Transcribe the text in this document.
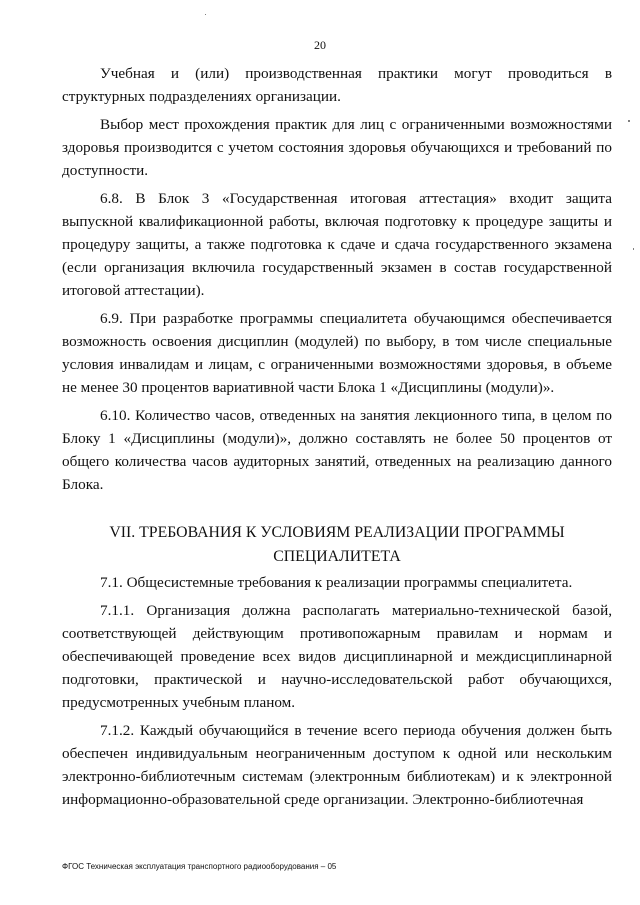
20

Учебная и (или) производственная практики могут проводиться в структурных подразделениях организации.

Выбор мест прохождения практик для лиц с ограниченными возможностями здоровья производится с учетом состояния здоровья обучающихся и требований по доступности.

6.8. В Блок 3 «Государственная итоговая аттестация» входит защита выпускной квалификационной работы, включая подготовку к процедуре защиты и процедуру защиты, а также подготовка к сдаче и сдача государственного экзамена (если организация включила государственный экзамен в состав государственной итоговой аттестации).

6.9. При разработке программы специалитета обучающимся обеспечивается возможность освоения дисциплин (модулей) по выбору, в том числе специальные условия инвалидам и лицам, с ограниченными возможностями здоровья, в объеме не менее 30 процентов вариативной части Блока 1 «Дисциплины (модули)».

6.10. Количество часов, отведенных на занятия лекционного типа, в целом по Блоку 1 «Дисциплины (модули)», должно составлять не более 50 процентов от общего количества часов аудиторных занятий, отведенных на реализацию данного Блока.

VII. ТРЕБОВАНИЯ К УСЛОВИЯМ РЕАЛИЗАЦИИ ПРОГРАММЫ
СПЕЦИАЛИТЕТА

7.1. Общесистемные требования к реализации программы специалитета.

7.1.1. Организация должна располагать материально-технической базой, соответствующей действующим противопожарным правилам и нормам и обеспечивающей проведение всех видов дисциплинарной и междисциплинарной подготовки, практической и научно-исследовательской работ обучающихся, предусмотренных учебным планом.

7.1.2. Каждый обучающийся в течение всего периода обучения должен быть обеспечен индивидуальным неограниченным доступом к одной или нескольким электронно-библиотечным системам (электронным библиотекам) и к электронной информационно-образовательной среде организации. Электронно-библиотечная

ФГОС Техническая эксплуатация транспортного радиооборудования – 05
